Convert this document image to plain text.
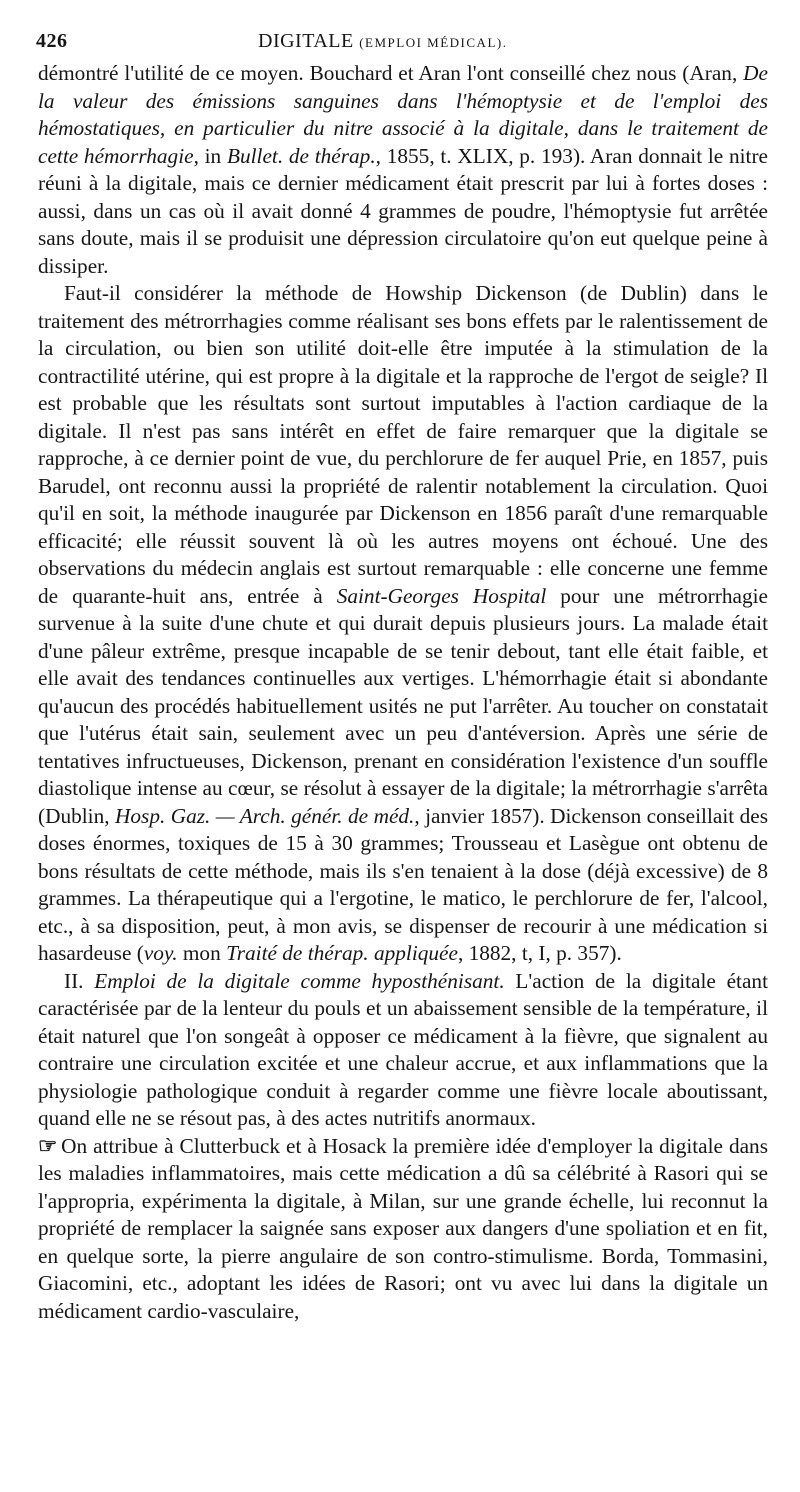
426	DIGITALE (EMPLOI MÉDICAL).

démontré l'utilité de ce moyen. Bouchard et Aran l'ont conseillé chez nous (Aran, De la valeur des émissions sanguines dans l'hémoptysie et de l'emploi des hémostatiques, en particulier du nitre associé à la digitale, dans le traitement de cette hémorrhagie, in Bullet. de thérap., 1855, t. XLIX, p. 193). Aran donnait le nitre réuni à la digitale, mais ce dernier médicament était prescrit par lui à fortes doses : aussi, dans un cas où il avait donné 4 grammes de poudre, l'hémoptysie fut arrêtée sans doute, mais il se produisit une dépression circulatoire qu'on eut quelque peine à dissiper.

Faut-il considérer la méthode de Howship Dickenson (de Dublin) dans le traitement des métrorrhagies comme réalisant ses bons effets par le ralentissement de la circulation, ou bien son utilité doit-elle être imputée à la stimulation de la contractilité utérine, qui est propre à la digitale et la rapproche de l'ergot de seigle? Il est probable que les résultats sont surtout imputables à l'action cardiaque de la digitale. Il n'est pas sans intérêt en effet de faire remarquer que la digitale se rapproche, à ce dernier point de vue, du perchlorure de fer auquel Prie, en 1857, puis Barudel, ont reconnu aussi la propriété de ralentir notablement la circulation. Quoi qu'il en soit, la méthode inaugurée par Dickenson en 1856 paraît d'une remarquable efficacité; elle réussit souvent là où les autres moyens ont échoué. Une des observations du médecin anglais est surtout remarquable : elle concerne une femme de quarante-huit ans, entrée à Saint-Georges Hospital pour une métrorrhagie survenue à la suite d'une chute et qui durait depuis plusieurs jours. La malade était d'une pâleur extrême, presque incapable de se tenir debout, tant elle était faible, et elle avait des tendances continuelles aux vertiges. L'hémorrhagie était si abondante qu'aucun des procédés habituellement usités ne put l'arrêter. Au toucher on constatait que l'utérus était sain, seulement avec un peu d'antéversion. Après une série de tentatives infructueuses, Dickenson, prenant en considération l'existence d'un souffle diastolique intense au cœur, se résolut à essayer de la digitale; la métrorrhagie s'arrêta (Dublin, Hosp. Gaz. — Arch. génér. de méd., janvier 1857). Dickenson conseillait des doses énormes, toxiques de 15 à 30 grammes; Trousseau et Lasègue ont obtenu de bons résultats de cette méthode, mais ils s'en tenaient à la dose (déjà excessive) de 8 grammes. La thérapeutique qui a l'ergotine, le matico, le perchlorure de fer, l'alcool, etc., à sa disposition, peut, à mon avis, se dispenser de recourir à une médication si hasardeuse (voy. mon Traité de thérap. appliquée, 1882, t, I, p. 357).

II. Emploi de la digitale comme hyposthénisant. L'action de la digitale étant caractérisée par de la lenteur du pouls et un abaissement sensible de la température, il était naturel que l'on songeât à opposer ce médicament à la fièvre, que signalent au contraire une circulation excitée et une chaleur accrue, et aux inflammations que la physiologie pathologique conduit à regarder comme une fièvre locale aboutissant, quand elle ne se résout pas, à des actes nutritifs anormaux.

☞ On attribue à Clutterbuck et à Hosack la première idée d'employer la digitale dans les maladies inflammatoires, mais cette médication a dû sa célébrité à Rasori qui se l'appropria, expérimenta la digitale, à Milan, sur une grande échelle, lui reconnut la propriété de remplacer la saignée sans exposer aux dangers d'une spoliation et en fit, en quelque sorte, la pierre angulaire de son contro-stimulisme. Borda, Tommasini, Giacomini, etc., adoptant les idées de Rasori; ont vu avec lui dans la digitale un médicament cardio-vasculaire,
